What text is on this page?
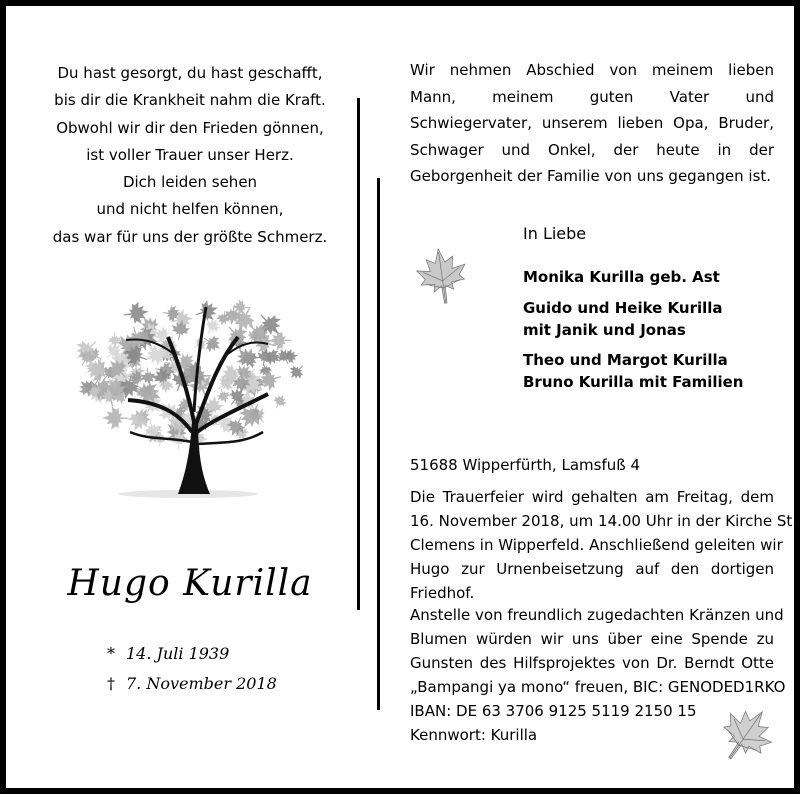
Du hast gesorgt, du hast geschafft,
bis dir die Krankheit nahm die Kraft.
Obwohl wir dir den Frieden gönnen,
ist voller Trauer unser Herz.
Dich leiden sehen
und nicht helfen können,
das war für uns der größte Schmerz.
Hugo Kurilla
* 14. Juli 1939
† 7. November 2018
Wir nehmen Abschied von meinem lieben
Mann, meinem guten Vater und
Schwiegervater, unserem lieben Opa, Bruder,
Schwager und Onkel, der heute in der
Geborgenheit der Familie von uns gegangen ist.
In Liebe
Monika Kurilla geb. Ast
Guido und Heike Kurilla
mit Janik und Jonas
Theo und Margot Kurilla
Bruno Kurilla mit Familien
51688 Wipperfürth, Lamsfuß 4
Die Trauerfeier wird gehalten am Freitag, dem
16. November 2018, um 14.00 Uhr in der Kirche St.
Clemens in Wipperfeld. Anschließend geleiten wir
Hugo zur Urnenbeisetzung auf den dortigen
Friedhof.
Anstelle von freundlich zugedachten Kränzen und
Blumen würden wir uns über eine Spende zu
Gunsten des Hilfsprojektes von Dr. Berndt Otte
„Bampangi ya mono“ freuen, BIC: GENODED1RKO
IBAN: DE 63 3706 9125 5119 2150 15
Kennwort: Kurilla
